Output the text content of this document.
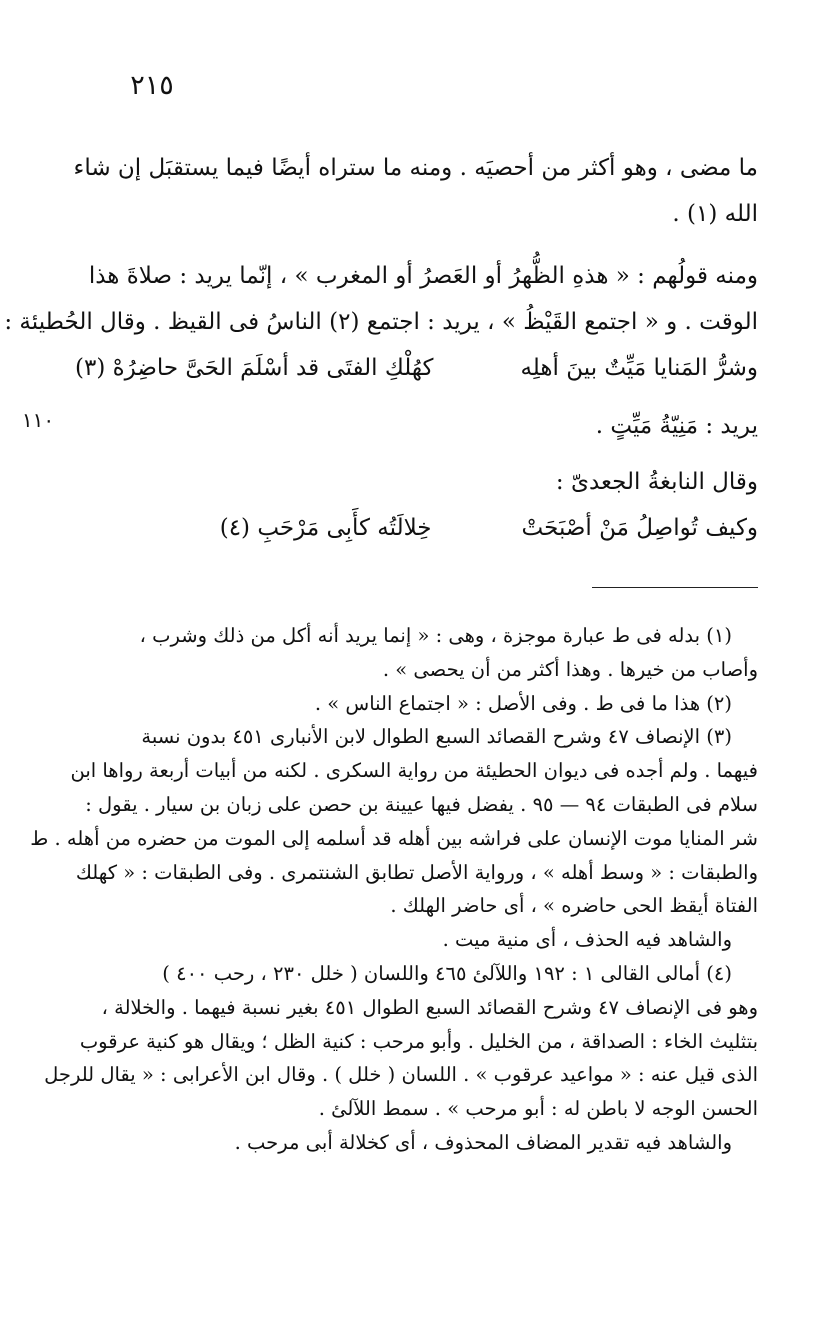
٢١٥
١١٠
ما مضى ، وهو أكثر من أحصيَه . ومنه ما ستراه أيضًا فيما يستقبَل إن شاء
الله (١) .
ومنه قولُهم : « هذهِ الظُّهرُ أو العَصرُ أو المغرب » ، إنّما يريد : صلاةَ هذا
الوقت . و « اجتمع القَيْظُ » ، يريد : اجتمع (٢) الناسُ فى القيظ . وقال الحُطيئة :
وشرُّ المَنايا مَيِّتٌ بينَ أهلِه
كهُلْكِ الفتَى قد أسْلَمَ الحَىَّ حاضِرُهْ (٣)
يريد : مَنِيّةُ مَيِّتٍ .
وقال النابغةُ الجعدىّ :
وكيف تُواصِلُ مَنْ أصْبَحَتْ
خِلالَتُه كأَبِى مَرْحَبِ (٤)
(١) بدله فى ط عبارة موجزة ، وهى : « إنما يريد أنه أكل من ذلك وشرب ،
وأصاب من خيرها . وهذا أكثر من أن يحصى » .
(٢) هذا ما فى ط . وفى الأصل : « اجتماع الناس » .
(٣) الإنصاف ٤٧ وشرح القصائد السبع الطوال لابن الأنبارى ٤٥١ بدون نسبة
فيهما . ولم أجده فى ديوان الحطيئة من رواية السكرى . لكنه من أبيات أربعة رواها ابن
سلام فى الطبقات ٩٤ — ٩٥ . يفضل فيها عيينة بن حصن على زبان بن سيار . يقول :
شر المنايا موت الإنسان على فراشه بين أهله قد أسلمه إلى الموت من حضره من أهله . ط
والطبقات : « وسط أهله » ، ورواية الأصل تطابق الشنتمرى . وفى الطبقات : « كهلك
الفتاة أيقظ الحى حاضره » ، أى حاضر الهلك .
والشاهد فيه الحذف ، أى منية ميت .
(٤) أمالى القالى ١ : ١٩٢ واللآلئ ٤٦٥ واللسان ( خلل ٢٣٠ ، رحب ٤٠٠ )
وهو فى الإنصاف ٤٧ وشرح القصائد السبع الطوال ٤٥١ بغير نسبة فيهما . والخلالة ،
بتثليث الخاء : الصداقة ، من الخليل . وأبو مرحب : كنية الظل ؛ ويقال هو كنية عرقوب
الذى قيل عنه : « مواعيد عرقوب » . اللسان ( خلل ) . وقال ابن الأعرابى : « يقال للرجل
الحسن الوجه لا باطن له : أبو مرحب » . سمط اللآلئ .
والشاهد فيه تقدير المضاف المحذوف ، أى كخلالة أبى مرحب .
